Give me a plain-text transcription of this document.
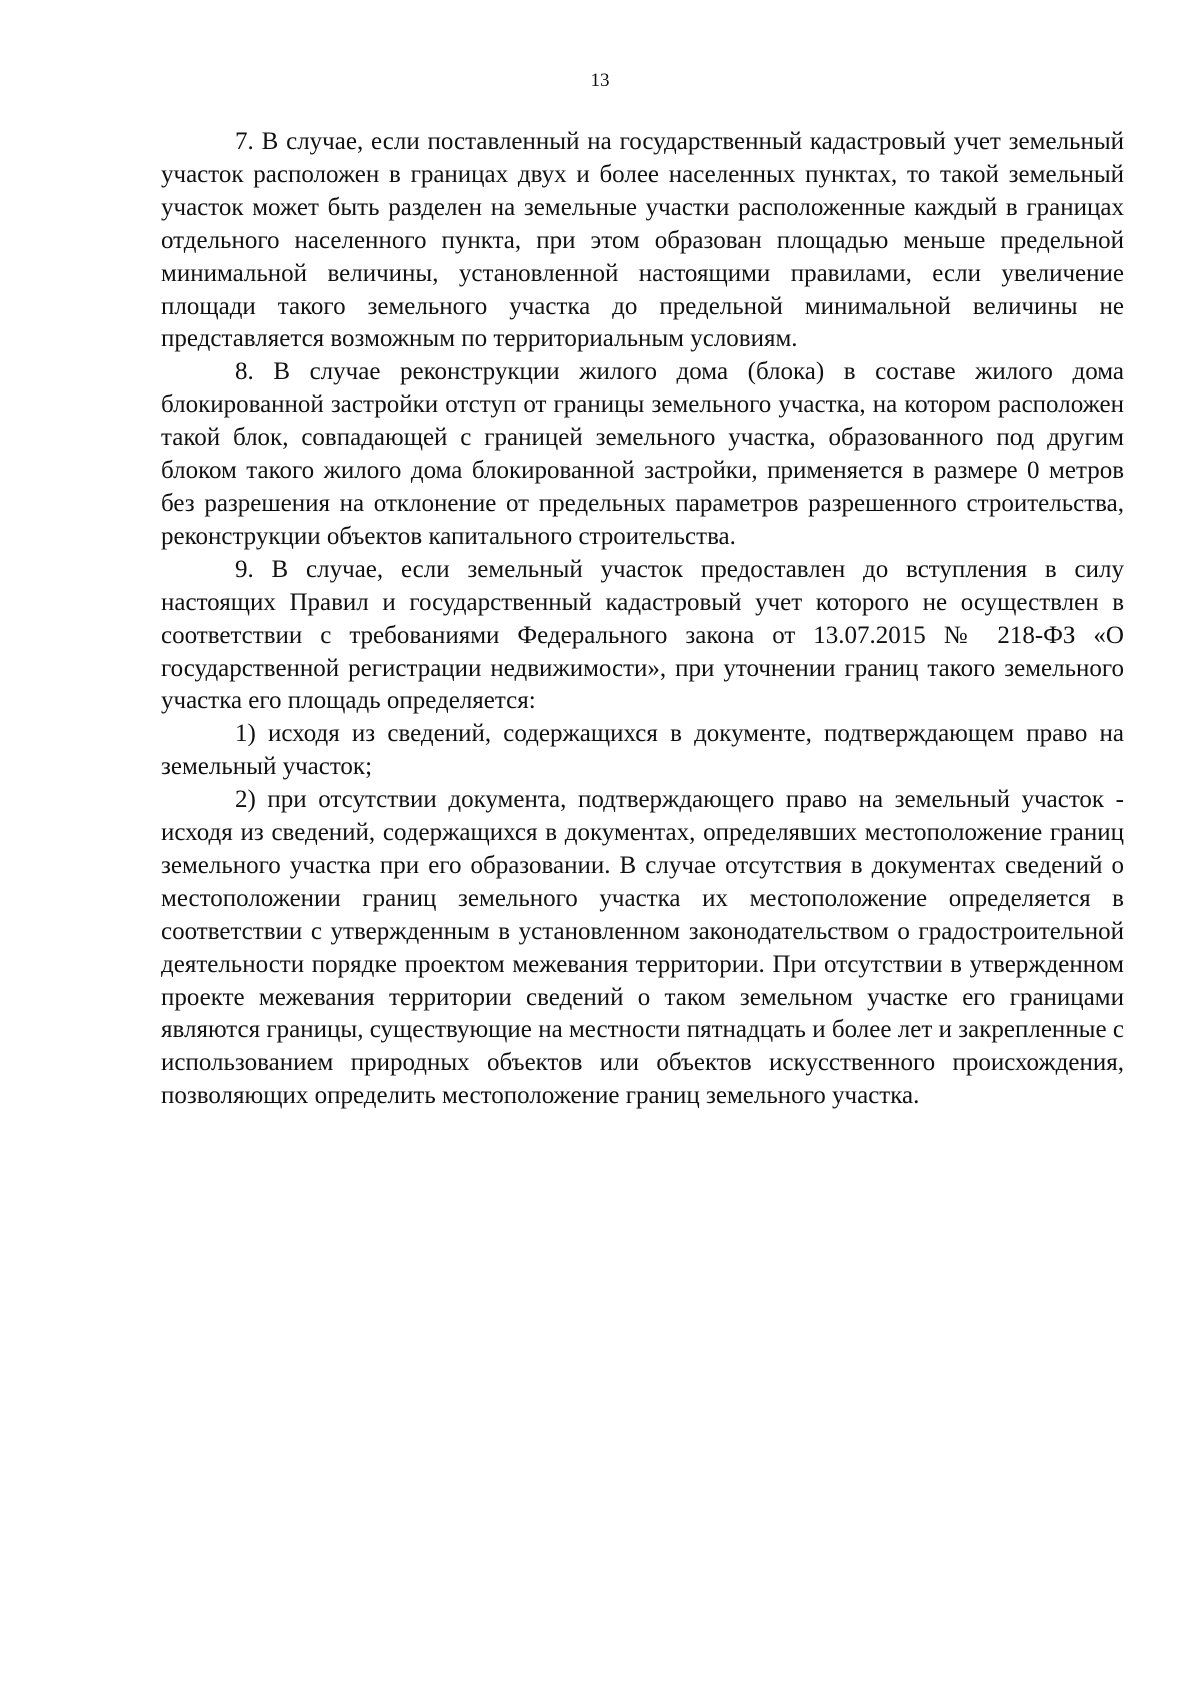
13

7. В случае, если поставленный на государственный кадастровый учет земельный участок расположен в границах двух и более населенных пунктах, то такой земельный участок может быть разделен на земельные участки расположенные каждый в границах отдельного населенного пункта, при этом образован площадью меньше предельной минимальной величины, установленной настоящими правилами, если увеличение площади такого земельного участка до предельной минимальной величины не представляется возможным по территориальным условиям.

8. В случае реконструкции жилого дома (блока) в составе жилого дома блокированной застройки отступ от границы земельного участка, на котором расположен такой блок, совпадающей с границей земельного участка, образованного под другим блоком такого жилого дома блокированной застройки, применяется в размере 0 метров без разрешения на отклонение от предельных параметров разрешенного строительства, реконструкции объектов капитального строительства.

9. В случае, если земельный участок предоставлен до вступления в силу настоящих Правил и государственный кадастровый учет которого не осуществлен в соответствии с требованиями Федерального закона от 13.07.2015 № 218-ФЗ «О государственной регистрации недвижимости», при уточнении границ такого земельного участка его площадь определяется:

1) исходя из сведений, содержащихся в документе, подтверждающем право на земельный участок;

2) при отсутствии документа, подтверждающего право на земельный участок - исходя из сведений, содержащихся в документах, определявших местоположение границ земельного участка при его образовании. В случае отсутствия в документах сведений о местоположении границ земельного участка их местоположение определяется в соответствии с утвержденным в установленном законодательством о градостроительной деятельности порядке проектом межевания территории. При отсутствии в утвержденном проекте межевания территории сведений о таком земельном участке его границами являются границы, существующие на местности пятнадцать и более лет и закрепленные с использованием природных объектов или объектов искусственного происхождения, позволяющих определить местоположение границ земельного участка.
